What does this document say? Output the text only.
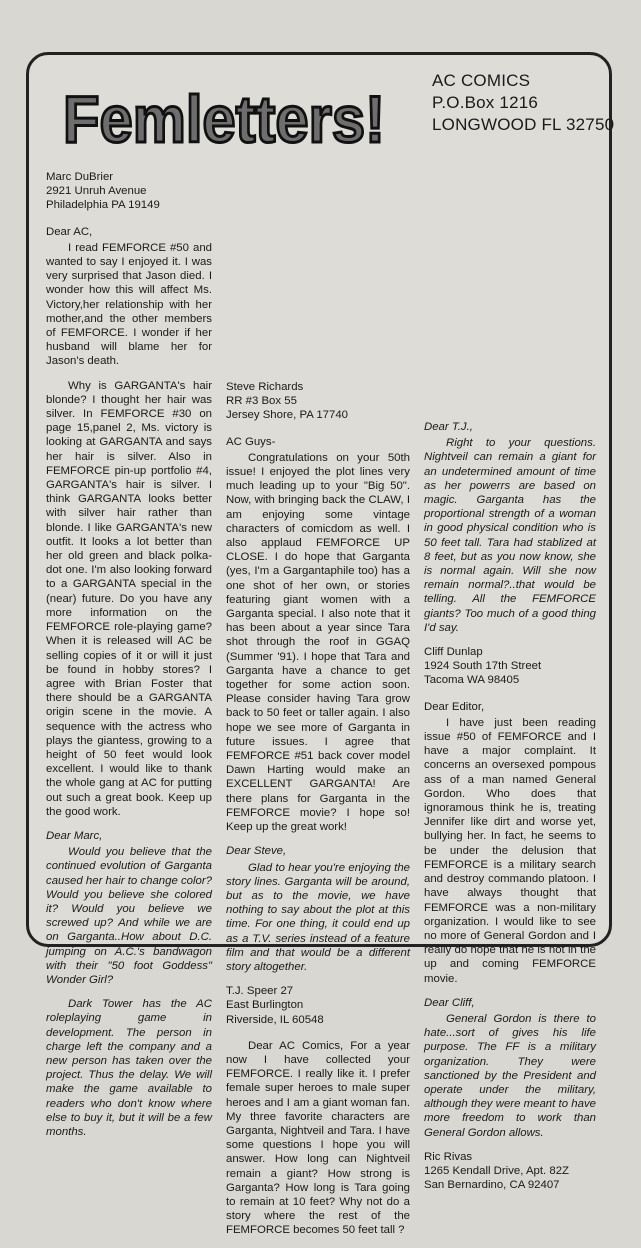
Femletters!
AC COMICS
P.O.Box 1216
LONGWOOD FL 32750
Marc DuBrier
2921 Unruh Avenue
Philadelphia PA 19149

Dear AC,

I read FEMFORCE #50 and wanted to say I enjoyed it. I was very surprised that Jason died. I wonder how this will affect Ms. Victory,her relationship with her mother,and the other members of FEMFORCE. I wonder if her husband will blame her for Jason's death.

Why is GARGANTA's hair blonde? I thought her hair was silver. In FEMFORCE #30 on page 15,panel 2, Ms. victory is looking at GARGANTA and says her hair is silver. Also in FEMFORCE pin-up portfolio #4, GARGANTA's hair is silver. I think GARGANTA looks better with silver hair rather than blonde. I like GARGANTA's new outfit. It looks a lot better than her old green and black polka-dot one. I'm also looking forward to a GARGANTA special in the (near) future. Do you have any more information on the FEMFORCE role-playing game? When it is released will AC be selling copies of it or will it just be found in hobby stores? I agree with Brian Foster that there should be a GARGANTA origin scene in the movie. A sequence with the actress who plays the giantess, growing to a height of 50 feet would look excellent. I would like to thank the whole gang at AC for putting out such a great book. Keep up the good work.

Dear Marc,

Would you believe that the continued evolution of Garganta caused her hair to change color? Would you believe she colored it? Would you believe we screwed up? And while we are on Garganta..How about D.C. jumping on A.C.'s bandwagon with their "50 foot Goddess" Wonder Girl?

Dark Tower has the AC roleplaying game in development. The person in charge left the company and a new person has taken over the project. Thus the delay. We will make the game available to readers who don't know where else to buy it, but it will be a few months.

Steve Richards
RR #3 Box 55
Jersey Shore, PA 17740

AC Guys-

Congratulations on your 50th issue! I enjoyed the plot lines very much leading up to your "Big 50". Now, with bringing back the CLAW, I am enjoying some vintage characters of comicdom as well. I also applaud FEMFORCE UP CLOSE. I do hope that Garganta (yes, I'm a Gargantaphile too) has a one shot of her own, or stories featuring giant women with a Garganta special. I also note that it has been about a year since Tara shot through the roof in GGAQ (Summer '91). I hope that Tara and Garganta have a chance to get together for some action soon. Please consider having Tara grow back to 50 feet or taller again. I also hope we see more of Garganta in future issues. I agree that FEMFORCE #51 back cover model Dawn Harting would make an EXCELLENT GARGANTA! Are there plans for Garganta in the FEMFORCE movie? I hope so! Keep up the great work!

Dear Steve,

Glad to hear you're enjoying the story lines. Garganta will be around, but as to the movie, we have nothing to say about the plot at this time. For one thing, it could end up as a T.V. series instead of a feature film and that would be a different story altogether.

T.J. Speer 27
East Burlington
Riverside, IL 60548

Dear AC Comics, For a year now I have collected your FEMFORCE. I really like it. I prefer female super heroes to male super heroes and I am a giant woman fan. My three favorite characters are Garganta, Nightveil and Tara. I have some questions I hope you will answer. How long can Nightveil remain a giant? How strong is Garganta? How long is Tara going to remain at 10 feet? Why not do a story where the rest of the FEMFORCE becomes 50 feet tall ?

Dear T.J.,

Right to your questions. Nightveil can remain a giant for an undetermined amount of time as her powerrs are based on magic. Garganta has the proportional strength of a woman in good physical condition who is 50 feet tall. Tara had stablized at 8 feet, but as you now know, she is normal again. Will she now remain normal?..that would be telling. All the FEMFORCE giants? Too much of a good thing I'd say.

Cliff Dunlap
1924 South 17th Street
Tacoma WA 98405

Dear Editor,

I have just been reading issue #50 of FEMFORCE and I have a major complaint. It concerns an oversexed pompous ass of a man named General Gordon. Who does that ignoramous think he is, treating Jennifer like dirt and worse yet, bullying her. In fact, he seems to be under the delusion that FEMFORCE is a military search and destroy commando platoon. I have always thought that FEMFORCE was a non-military organization. I would like to see no more of General Gordon and I really do hope that he is not in the up and coming FEMFORCE movie.

Dear Cliff,

General Gordon is there to hate...sort of gives his life purpose. The FF is a military organization. They were sanctioned by the President and operate under the military, although they were meant to have more freedom to work than General Gordon allows.

Ric Rivas
1265 Kendall Drive, Apt. 82Z
San Bernardino, CA 92407
